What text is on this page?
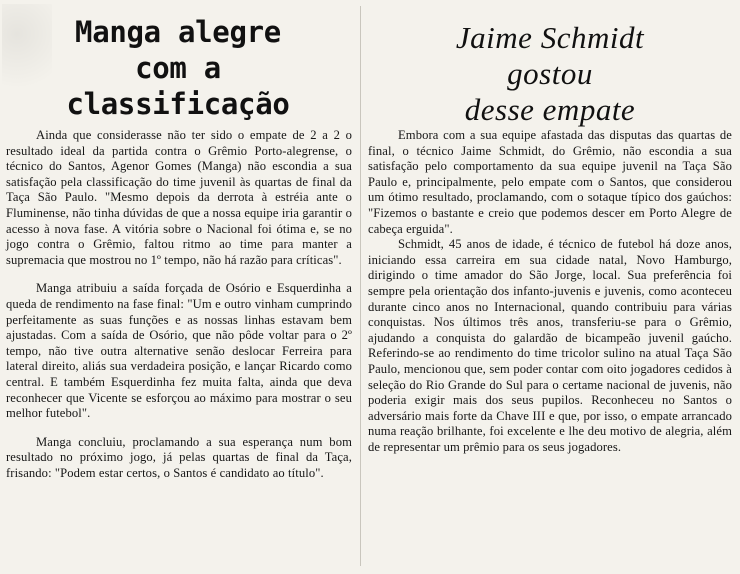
Manga alegre
com a
classificação

Ainda que considerasse não ter sido o empate de 2 a 2 o resultado ideal da partida contra o Grêmio Porto-alegrense, o técnico do Santos, Agenor Gomes (Manga) não escondia a sua satisfação pela classificação do time juvenil às quartas de final da Taça São Paulo. "Mesmo depois da derrota à estréia ante o Fluminense, não tinha dúvidas de que a nossa equipe iria garantir o acesso à nova fase. A vitória sobre o Nacional foi ótima e, se no jogo contra o Grêmio, faltou ritmo ao time para manter a supremacia que mostrou no 1º tempo, não há razão para críticas".

Manga atribuiu a saída forçada de Osório e Esquerdinha a queda de rendimento na fase final: "Um e outro vinham cumprindo perfeitamente as suas funções e as nossas linhas estavam bem ajustadas. Com a saída de Osório, que não pôde voltar para o 2º tempo, não tive outra alternative senão deslocar Ferreira para lateral direito, aliás sua verdadeira posição, e lançar Ricardo como central. E também Esquerdinha fez muita falta, ainda que deva reconhecer que Vicente se esforçou ao máximo para mostrar o seu melhor futebol".

Manga concluiu, proclamando a sua esperança num bom resultado no próximo jogo, já pelas quartas de final da Taça, frisando: "Podem estar certos, o Santos é candidato ao título".

Jaime Schmidt
gostou
desse empate

Embora com a sua equipe afastada das disputas das quartas de final, o técnico Jaime Schmidt, do Grêmio, não escondia a sua satisfação pelo comportamento da sua equipe juvenil na Taça São Paulo e, principalmente, pelo empate com o Santos, que considerou um ótimo resultado, proclamando, com o sotaque típico dos gaúchos: "Fizemos o bastante e creio que podemos descer em Porto Alegre de cabeça erguida".

Schmidt, 45 anos de idade, é técnico de futebol há doze anos, iniciando essa carreira em sua cidade natal, Novo Hamburgo, dirigindo o time amador do São Jorge, local. Sua preferência foi sempre pela orientação dos infanto-juvenis e juvenis, como aconteceu durante cinco anos no Internacional, quando contribuiu para várias conquistas. Nos últimos três anos, transferiu-se para o Grêmio, ajudando a conquista do galardão de bicampeão juvenil gaúcho. Referindo-se ao rendimento do time tricolor sulino na atual Taça São Paulo, mencionou que, sem poder contar com oito jogadores cedidos à seleção do Rio Grande do Sul para o certame nacional de juvenis, não poderia exigir mais dos seus pupilos. Reconheceu no Santos o adversário mais forte da Chave III e que, por isso, o empate arrancado numa reação brilhante, foi excelente e lhe deu motivo de alegria, além de representar um prêmio para os seus jogadores.
